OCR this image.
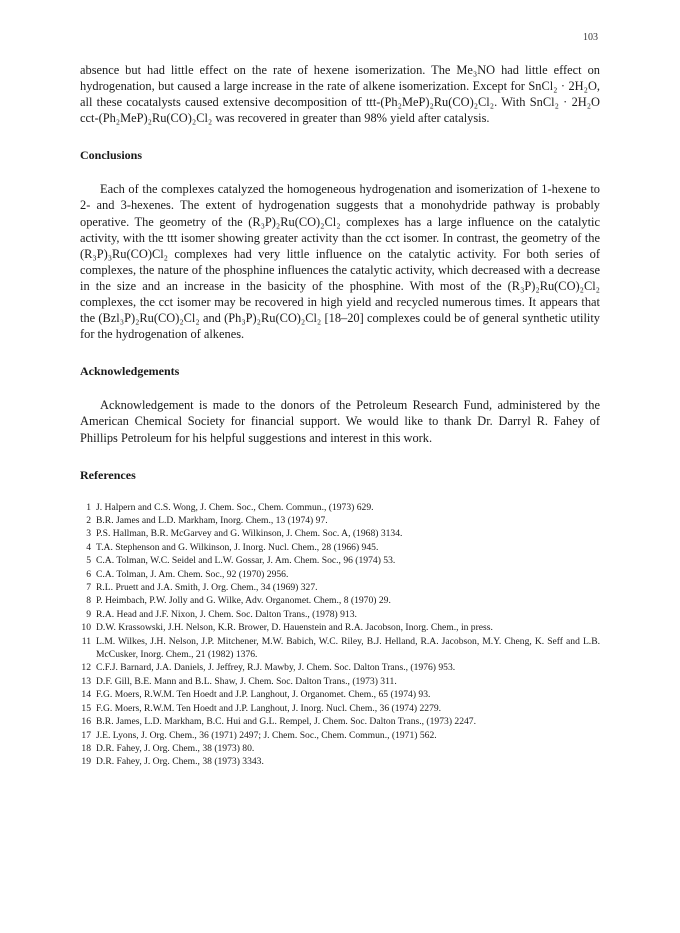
103

absence but had little effect on the rate of hexene isomerization. The Me₃NO had little effect on hydrogenation, but caused a large increase in the rate of alkene isomerization. Except for SnCl₂ · 2H₂O, all these cocatalysts caused extensive decomposition of ttt-(Ph₂MeP)₂Ru(CO)₂Cl₂. With SnCl₂ · 2H₂O cct-(Ph₂MeP)₂Ru(CO)₂Cl₂ was recovered in greater than 98% yield after catalysis.

Conclusions

Each of the complexes catalyzed the homogeneous hydrogenation and isomerization of 1-hexene to 2- and 3-hexenes. The extent of hydrogenation suggests that a monohydride pathway is probably operative. The geometry of the (R₃P)₂Ru(CO)₂Cl₂ complexes has a large influence on the catalytic activity, with the ttt isomer showing greater activity than the cct isomer. In contrast, the geometry of the (R₃P)₃Ru(CO)Cl₂ complexes had very little influence on the catalytic activity. For both series of complexes, the nature of the phosphine influences the catalytic activity, which decreased with a decrease in the size and an increase in the basicity of the phosphine. With most of the (R₃P)₂Ru(CO)₂Cl₂ complexes, the cct isomer may be recovered in high yield and recycled numerous times. It appears that the (Bzl₃P)₂Ru(CO)₂Cl₂ and (Ph₃P)₂Ru(CO)₂Cl₂ [18–20] complexes could be of general synthetic utility for the hydrogenation of alkenes.

Acknowledgements

Acknowledgement is made to the donors of the Petroleum Research Fund, administered by the American Chemical Society for financial support. We would like to thank Dr. Darryl R. Fahey of Phillips Petroleum for his helpful suggestions and interest in this work.

References
1 J. Halpern and C.S. Wong, J. Chem. Soc., Chem. Commun., (1973) 629.
2 B.R. James and L.D. Markham, Inorg. Chem., 13 (1974) 97.
3 P.S. Hallman, B.R. McGarvey and G. Wilkinson, J. Chem. Soc. A, (1968) 3134.
4 T.A. Stephenson and G. Wilkinson, J. Inorg. Nucl. Chem., 28 (1966) 945.
5 C.A. Tolman, W.C. Seidel and L.W. Gossar, J. Am. Chem. Soc., 96 (1974) 53.
6 C.A. Tolman, J. Am. Chem. Soc., 92 (1970) 2956.
7 R.L. Pruett and J.A. Smith, J. Org. Chem., 34 (1969) 327.
8 P. Heimbach, P.W. Jolly and G. Wilke, Adv. Organomet. Chem., 8 (1970) 29.
9 R.A. Head and J.F. Nixon, J. Chem. Soc. Dalton Trans., (1978) 913.
10 D.W. Krassowski, J.H. Nelson, K.R. Brower, D. Hauenstein and R.A. Jacobson, Inorg. Chem., in press.
11 L.M. Wilkes, J.H. Nelson, J.P. Mitchener, M.W. Babich, W.C. Riley, B.J. Helland, R.A. Jacobson, M.Y. Cheng, K. Seff and L.B. McCusker, Inorg. Chem., 21 (1982) 1376.
12 C.F.J. Barnard, J.A. Daniels, J. Jeffrey, R.J. Mawby, J. Chem. Soc. Dalton Trans., (1976) 953.
13 D.F. Gill, B.E. Mann and B.L. Shaw, J. Chem. Soc. Dalton Trans., (1973) 311.
14 F.G. Moers, R.W.M. Ten Hoedt and J.P. Langhout, J. Organomet. Chem., 65 (1974) 93.
15 F.G. Moers, R.W.M. Ten Hoedt and J.P. Langhout, J. Inorg. Nucl. Chem., 36 (1974) 2279.
16 B.R. James, L.D. Markham, B.C. Hui and G.L. Rempel, J. Chem. Soc. Dalton Trans., (1973) 2247.
17 J.E. Lyons, J. Org. Chem., 36 (1971) 2497; J. Chem. Soc., Chem. Commun., (1971) 562.
18 D.R. Fahey, J. Org. Chem., 38 (1973) 80.
19 D.R. Fahey, J. Org. Chem., 38 (1973) 3343.
